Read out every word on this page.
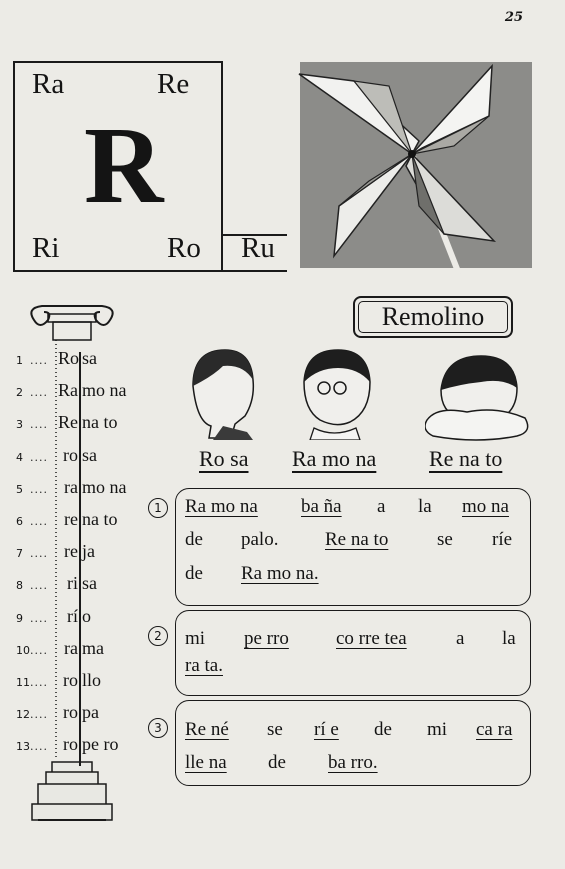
25
Ra	Re
R
Ri	Ro Ru
Remolino
1 .... Ro sa
2 .... Ra mo na
3 .... Re na to
4 .... ro sa
5 .... ra mo na
6 .... re na to
7 .... re ja
8 ....	ri sa
9 ....	rí o
10 .... ra ma
11 .... ro llo
12 .... ro pa
13 .... ro pe ro
Ro sa Ra mo na Re na to
1
2
3
Ra mo na ba ña a la mo na
de palo. Re na to	se ríe
de Ra mo na.
mi pe rro co rre tea	a la
ra ta.
Re né se rí e de mi ca ra
lle na de ba rro.
